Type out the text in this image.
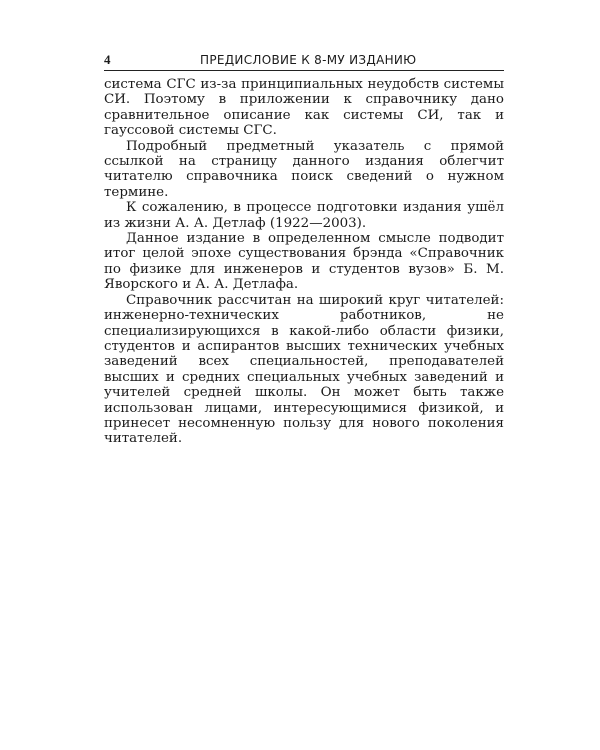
4	ПРЕДИСЛОВИЕ К 8-МУ ИЗДАНИЮ

система СГС из-за принципиальных неудобств системы СИ. Поэтому в приложении к справочнику дано сравнительное описание как системы СИ, так и гауссовой системы СГС.

Подробный предметный указатель с прямой ссылкой на страницу данного издания облегчит читателю справочника поиск сведений о нужном термине.

К сожалению, в процессе подготовки издания ушёл из жизни А. А. Детлаф (1922—2003).

Данное издание в определенном смысле подводит итог целой эпохе существования брэнда «Справочник по физике для инженеров и студентов вузов» Б. М. Яворского и А. А. Детлафа.

Справочник рассчитан на широкий круг читателей: инженерно-технических работников, не специализирующихся в какой-либо области физики, студентов и аспирантов высших технических учебных заведений всех специальностей, преподавателей высших и средних специальных учебных заведений и учителей средней школы. Он может быть также использован лицами, интересующимися физикой, и принесет несомненную пользу для нового поколения читателей.
